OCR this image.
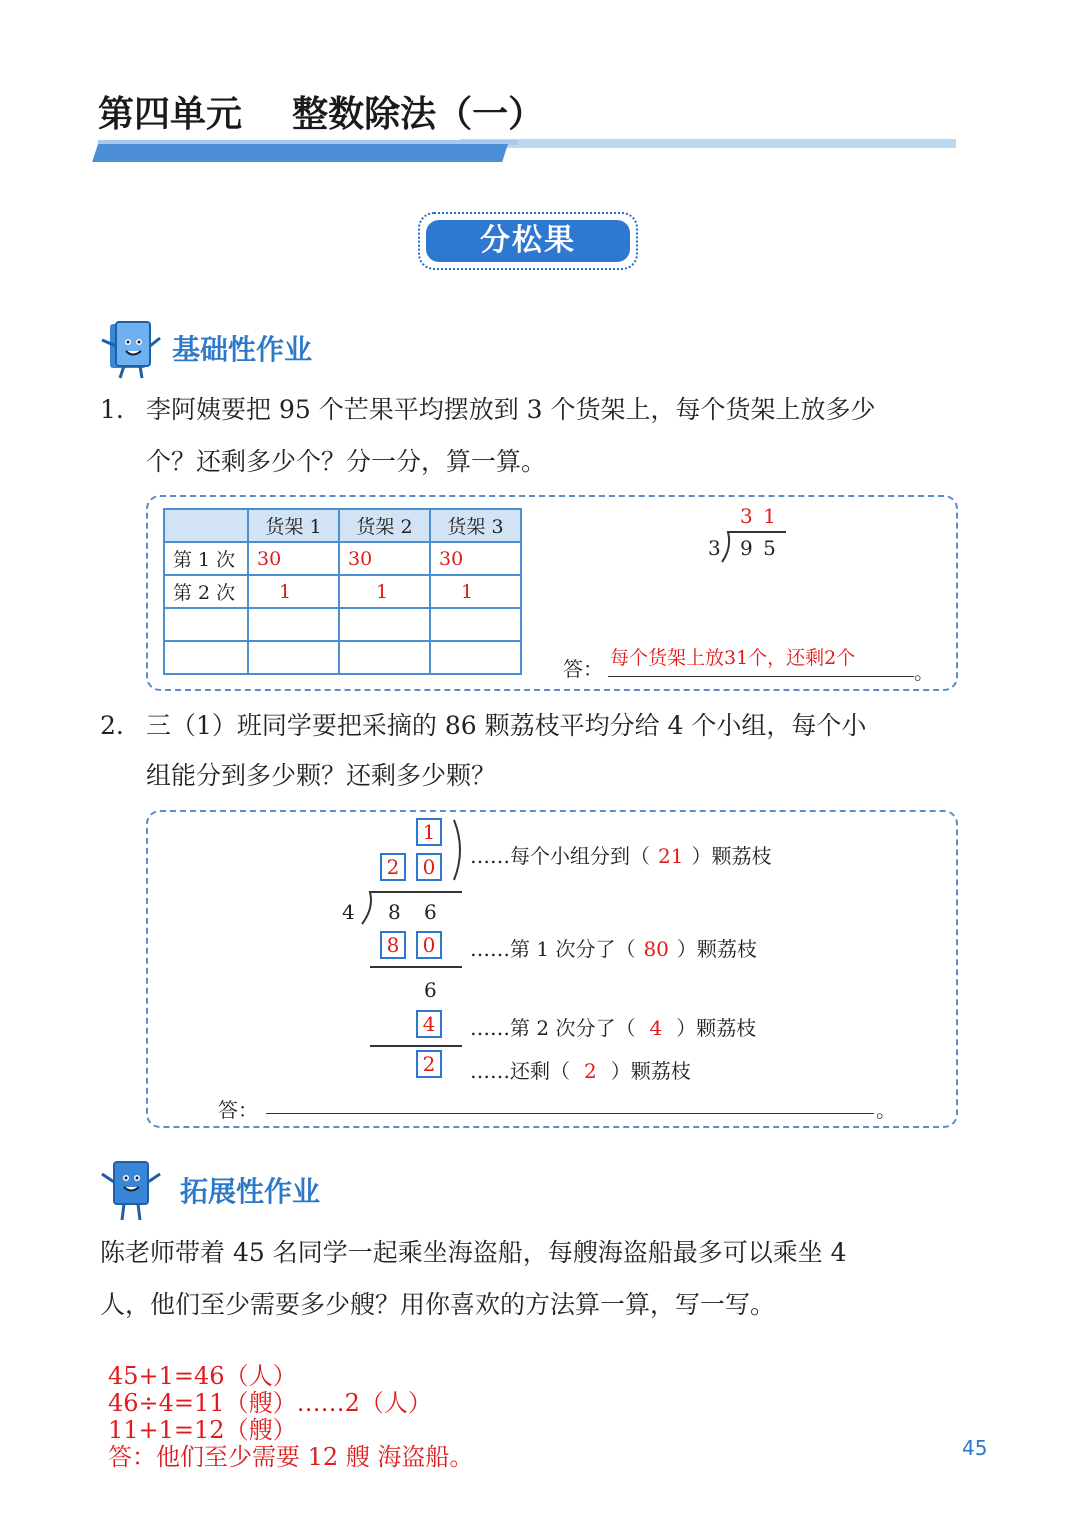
第四单元    整数除法（一）
分松果
基础性作业
1. 李阿姨要把 95 个芒果平均摆放到 3 个货架上，每个货架上放多少
个？还剩多少个？分一分，算一算。
	货架 1	货架 2	货架 3
第 1 次	30	30	30
第 2 次	1	1	1

3 1
3 9 5
答： 每个货架上放31个，还剩2个
。
2. 三（1）班同学要把采摘的 86 颗荔枝平均分给 4 个小组，每个小
组能分到多少颗？还剩多少颗？
1
2	0
4 8 6
8	0
6
4
2
……每个小组分到（ 21 ）颗荔枝
……第 1 次分了（ 80 ）颗荔枝
……第 2 次分了（ 4 ）颗荔枝
……还剩（ 2 ）颗荔枝
答：	。
拓展性作业
陈老师带着 45 名同学一起乘坐海盗船，每艘海盗船最多可以乘坐 4
人，他们至少需要多少艘？用你喜欢的方法算一算，写一写。
45+1=46（人）
46÷4=11（艘）……2（人）
11+1=12（艘）
答：他们至少需要 12 艘 海盗船。	45
